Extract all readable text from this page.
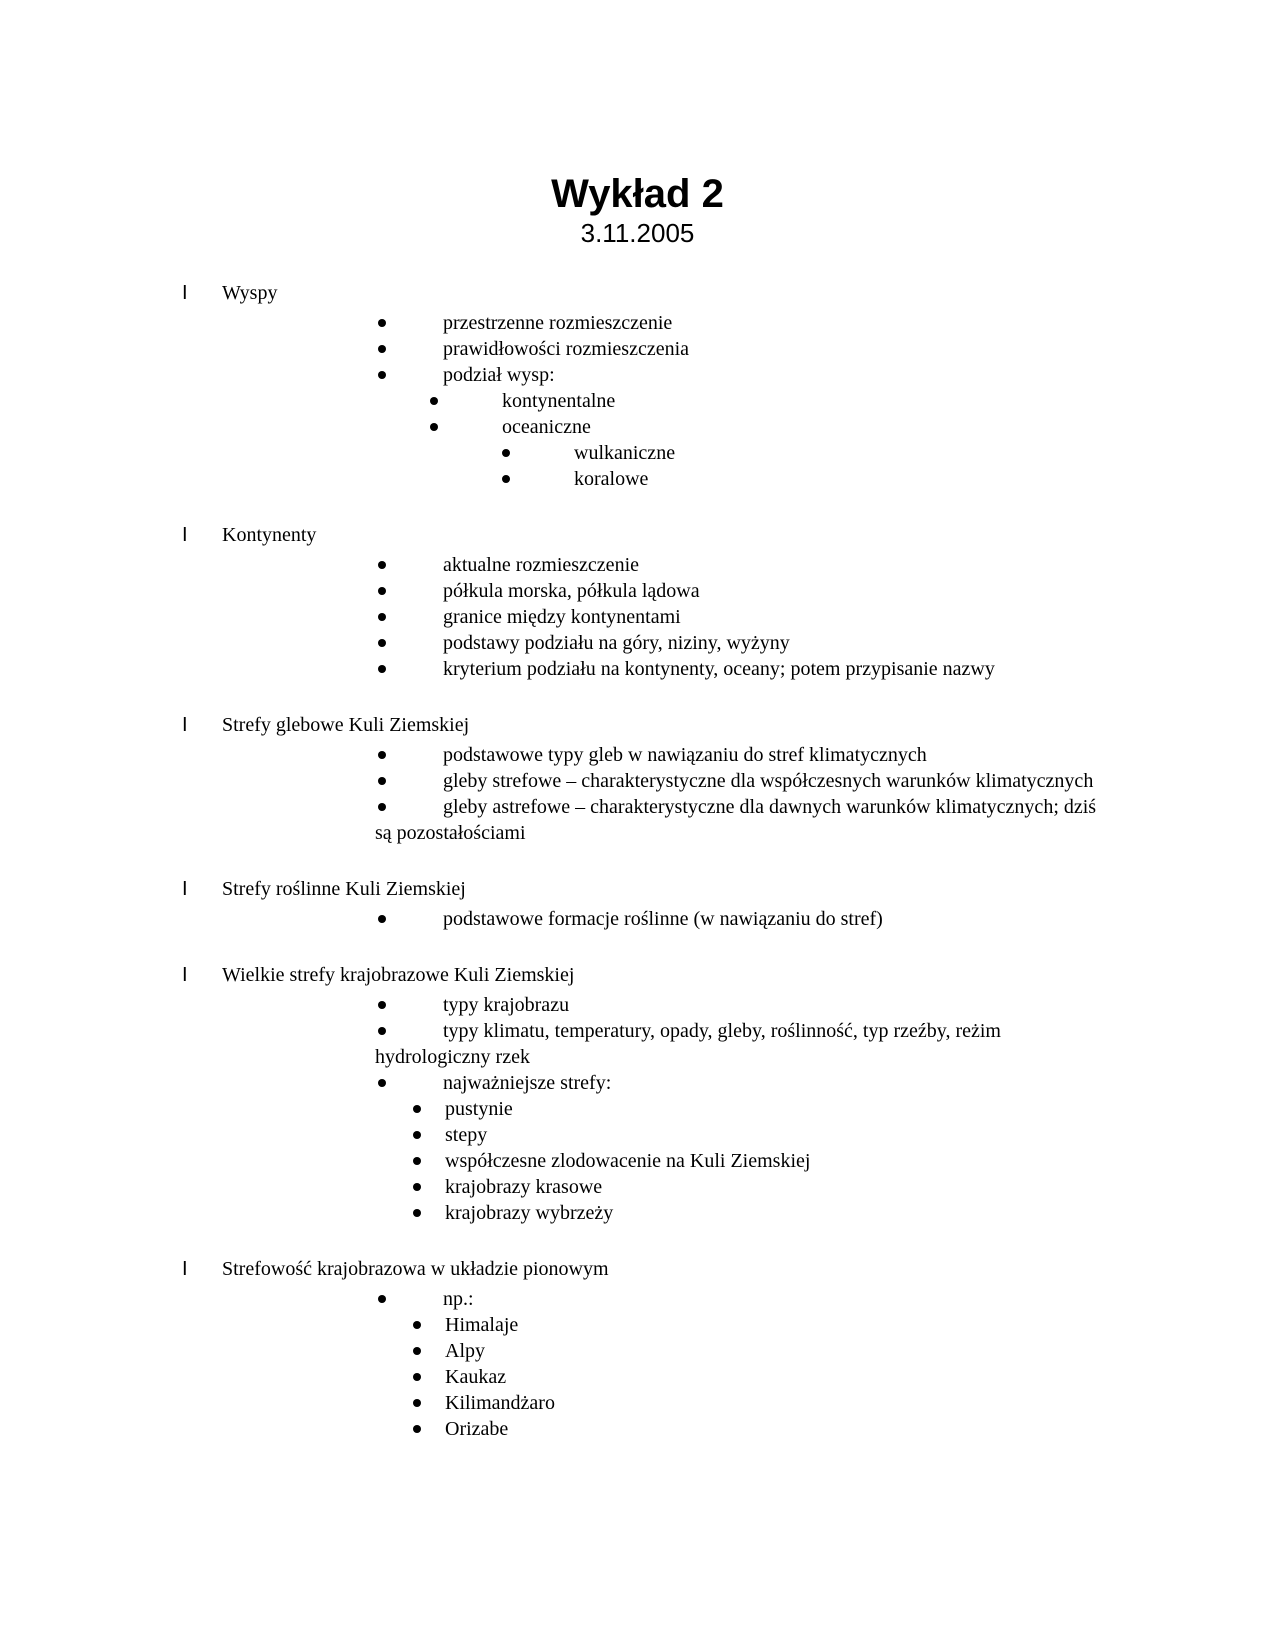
Wykład 2
3.11.2005
I Wyspy
przestrzenne rozmieszczenie
prawidłowości rozmieszczenia
podział wysp:
kontynentalne
oceaniczne
wulkaniczne
koralowe
I Kontynenty
aktualne rozmieszczenie
półkula morska, półkula lądowa
granice między kontynentami
podstawy podziału na góry, niziny, wyżyny
kryterium podziału na kontynenty, oceany; potem przypisanie nazwy
I Strefy glebowe Kuli Ziemskiej
podstawowe typy gleb w nawiązaniu do stref klimatycznych
gleby strefowe – charakterystyczne dla współczesnych warunków klimatycznych
gleby astrefowe – charakterystyczne dla dawnych warunków klimatycznych; dziś są pozostałościami
I Strefy roślinne Kuli Ziemskiej
podstawowe formacje roślinne (w nawiązaniu do stref)
I Wielkie strefy krajobrazowe Kuli Ziemskiej
typy krajobrazu
typy klimatu, temperatury, opady, gleby, roślinność, typ rzeźby, reżim hydrologiczny rzek
najważniejsze strefy:
pustynie
stepy
współczesne zlodowacenie na Kuli Ziemskiej
krajobrazy krasowe
krajobrazy wybrzeży
I Strefowość krajobrazowa w układzie pionowym
np.:
Himalaje
Alpy
Kaukaz
Kilimandżaro
Orizabe
